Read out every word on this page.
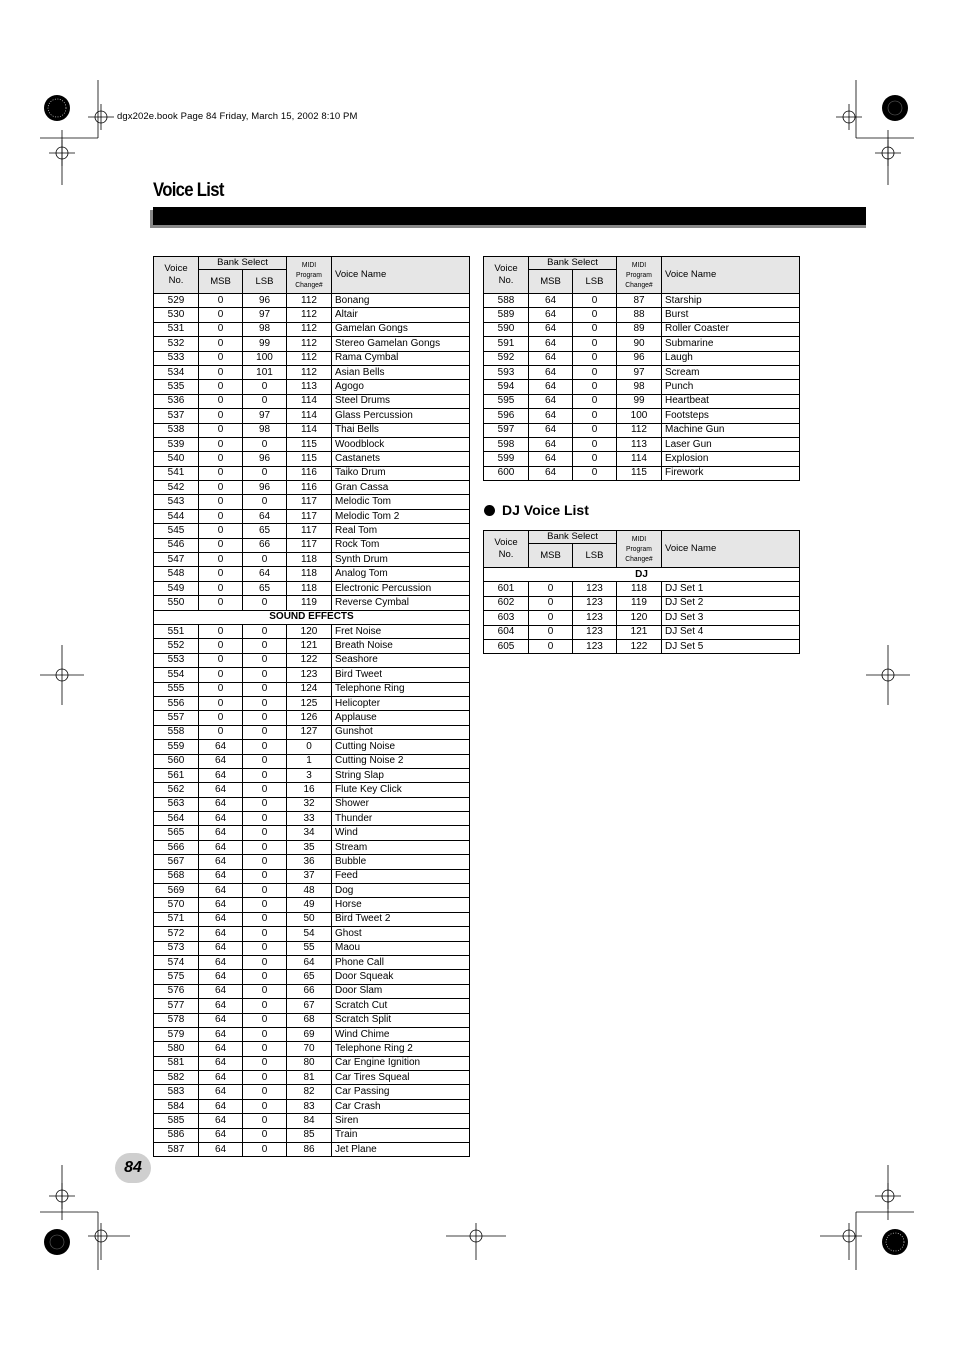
dgx202e.book Page 84 Friday, March 15, 2002 8:10 PM
Voice List
Voice No.	Bank Select		MIDI Program Change#	Voice Name
	MSB	LSB		
529	0	96	112	Bonang
530	0	97	112	Altair
531	0	98	112	Gamelan Gongs
532	0	99	112	Stereo Gamelan Gongs
533	0	100	112	Rama Cymbal
534	0	101	112	Asian Bells
535	0	0	113	Agogo
536	0	0	114	Steel Drums
537	0	97	114	Glass Percussion
538	0	98	114	Thai Bells
539	0	0	115	Woodblock
540	0	96	115	Castanets
541	0	0	116	Taiko Drum
542	0	96	116	Gran Cassa
543	0	0	117	Melodic Tom
544	0	64	117	Melodic Tom 2
545	0	65	117	Real Tom
546	0	66	117	Rock Tom
547	0	0	118	Synth Drum
548	0	64	118	Analog Tom
549	0	65	118	Electronic Percussion
550	0	0	119	Reverse Cymbal
SOUND EFFECTS				
551	0	0	120	Fret Noise
552	0	0	121	Breath Noise
553	0	0	122	Seashore
554	0	0	123	Bird Tweet
555	0	0	124	Telephone Ring
556	0	0	125	Helicopter
557	0	0	126	Applause
558	0	0	127	Gunshot
559	64	0	0	Cutting Noise
560	64	0	1	Cutting Noise 2
561	64	0	3	String Slap
562	64	0	16	Flute Key Click
563	64	0	32	Shower
564	64	0	33	Thunder
565	64	0	34	Wind
566	64	0	35	Stream
567	64	0	36	Bubble
568	64	0	37	Feed
569	64	0	48	Dog
570	64	0	49	Horse
571	64	0	50	Bird Tweet 2
572	64	0	54	Ghost
573	64	0	55	Maou
574	64	0	64	Phone Call
575	64	0	65	Door Squeak
576	64	0	66	Door Slam
577	64	0	67	Scratch Cut
578	64	0	68	Scratch Split
579	64	0	69	Wind Chime
580	64	0	70	Telephone Ring 2
581	64	0	80	Car Engine Ignition
582	64	0	81	Car Tires Squeal
583	64	0	82	Car Passing
584	64	0	83	Car Crash
585	64	0	84	Siren
586	64	0	85	Train
587	64	0	86	Jet Plane
Voice No.	Bank Select		MIDI Program Change#	Voice Name
	MSB	LSB		
588	64	0	87	Starship
589	64	0	88	Burst
590	64	0	89	Roller Coaster
591	64	0	90	Submarine
592	64	0	96	Laugh
593	64	0	97	Scream
594	64	0	98	Punch
595	64	0	99	Heartbeat
596	64	0	100	Footsteps
597	64	0	112	Machine Gun
598	64	0	113	Laser Gun
599	64	0	114	Explosion
600	64	0	115	Firework
DJ Voice List
Voice No.	Bank Select		MIDI Program Change#	Voice Name
	MSB	LSB		
DJ				
601	0	123	118	DJ Set 1
602	0	123	119	DJ Set 2
603	0	123	120	DJ Set 3
604	0	123	121	DJ Set 4
605	0	123	122	DJ Set 5
84
